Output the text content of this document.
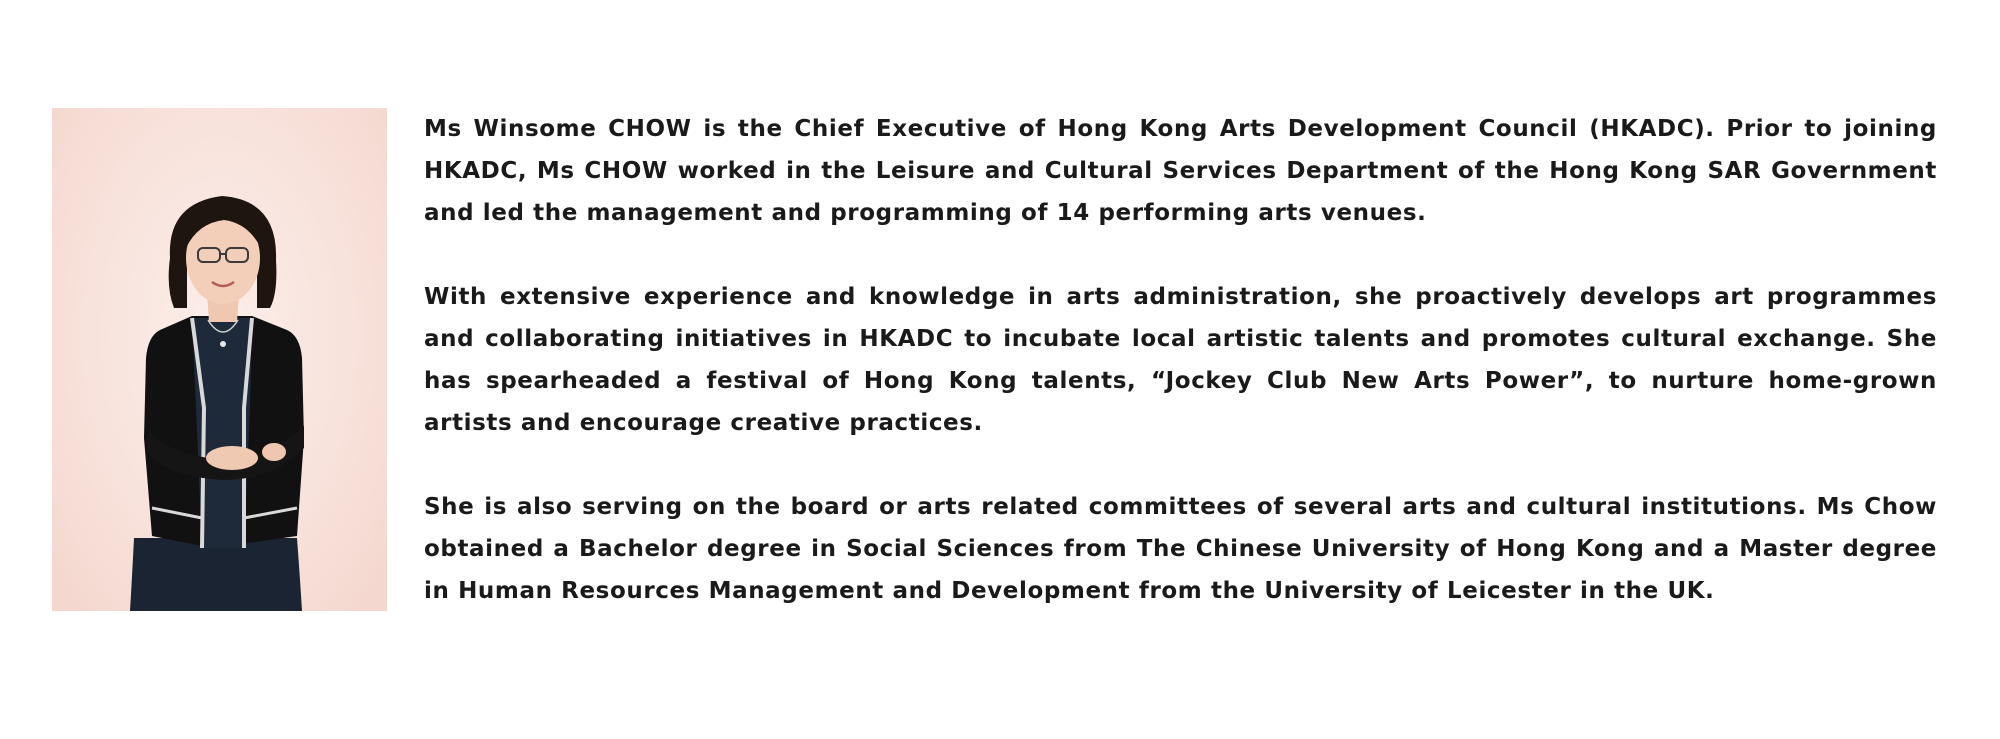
Ms Winsome CHOW is the Chief Executive of Hong Kong Arts Development Council (HKADC). Prior to joining HKADC, Ms CHOW worked in the Leisure and Cultural Services Department of the Hong Kong SAR Government and led the management and programming of 14 performing arts venues.

With extensive experience and knowledge in arts administration, she proactively develops art programmes and collaborating initiatives in HKADC to incubate local artistic talents and promotes cultural exchange. She has spearheaded a festival of Hong Kong talents, “Jockey Club New Arts Power”, to nurture home-grown artists and encourage creative practices.

She is also serving on the board or arts related committees of several arts and cultural institutions. Ms Chow obtained a Bachelor degree in Social Sciences from The Chinese University of Hong Kong and a Master degree in Human Resources Management and Development from the University of Leicester in the UK.
